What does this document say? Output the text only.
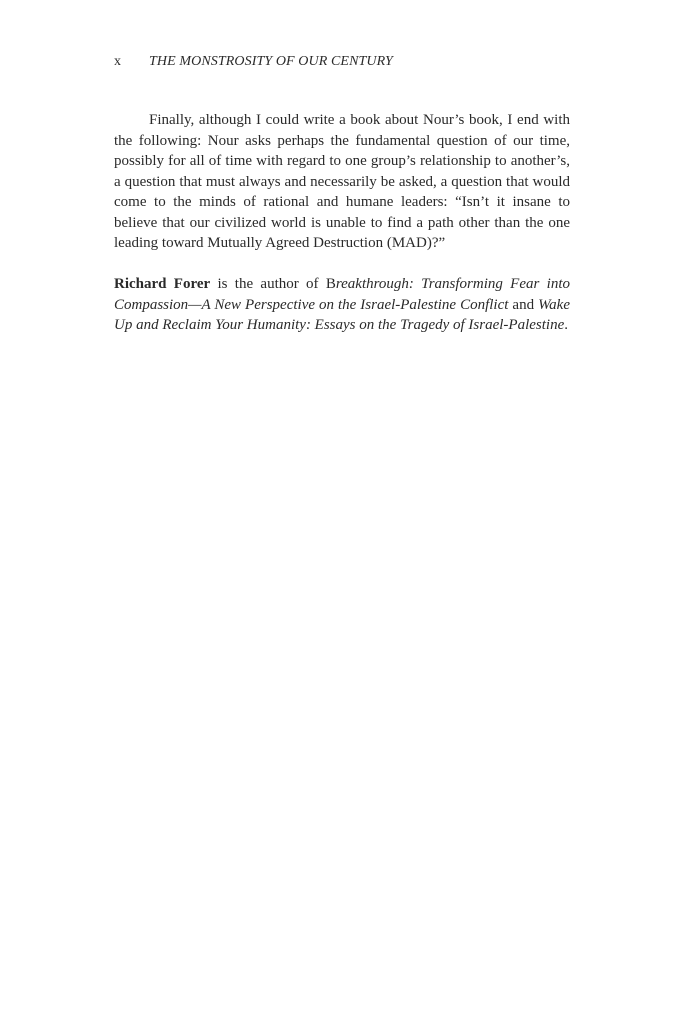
x THE MONSTROSITY OF OUR CENTURY

Finally, although I could write a book about Nour’s book, I end with the following: Nour asks perhaps the fundamental question of our time, possibly for all of time with regard to one group’s relationship to another’s, a question that must always and necessarily be asked, a question that would come to the minds of rational and humane leaders: “Isn’t it insane to believe that our civilized world is unable to find a path other than the one leading toward Mutually Agreed Destruction (MAD)?”

Richard Forer is the author of Breakthrough: Transforming Fear into Compassion—A New Perspective on the Israel-Palestine Conflict and Wake Up and Reclaim Your Humanity: Essays on the Tragedy of Israel-Palestine.
